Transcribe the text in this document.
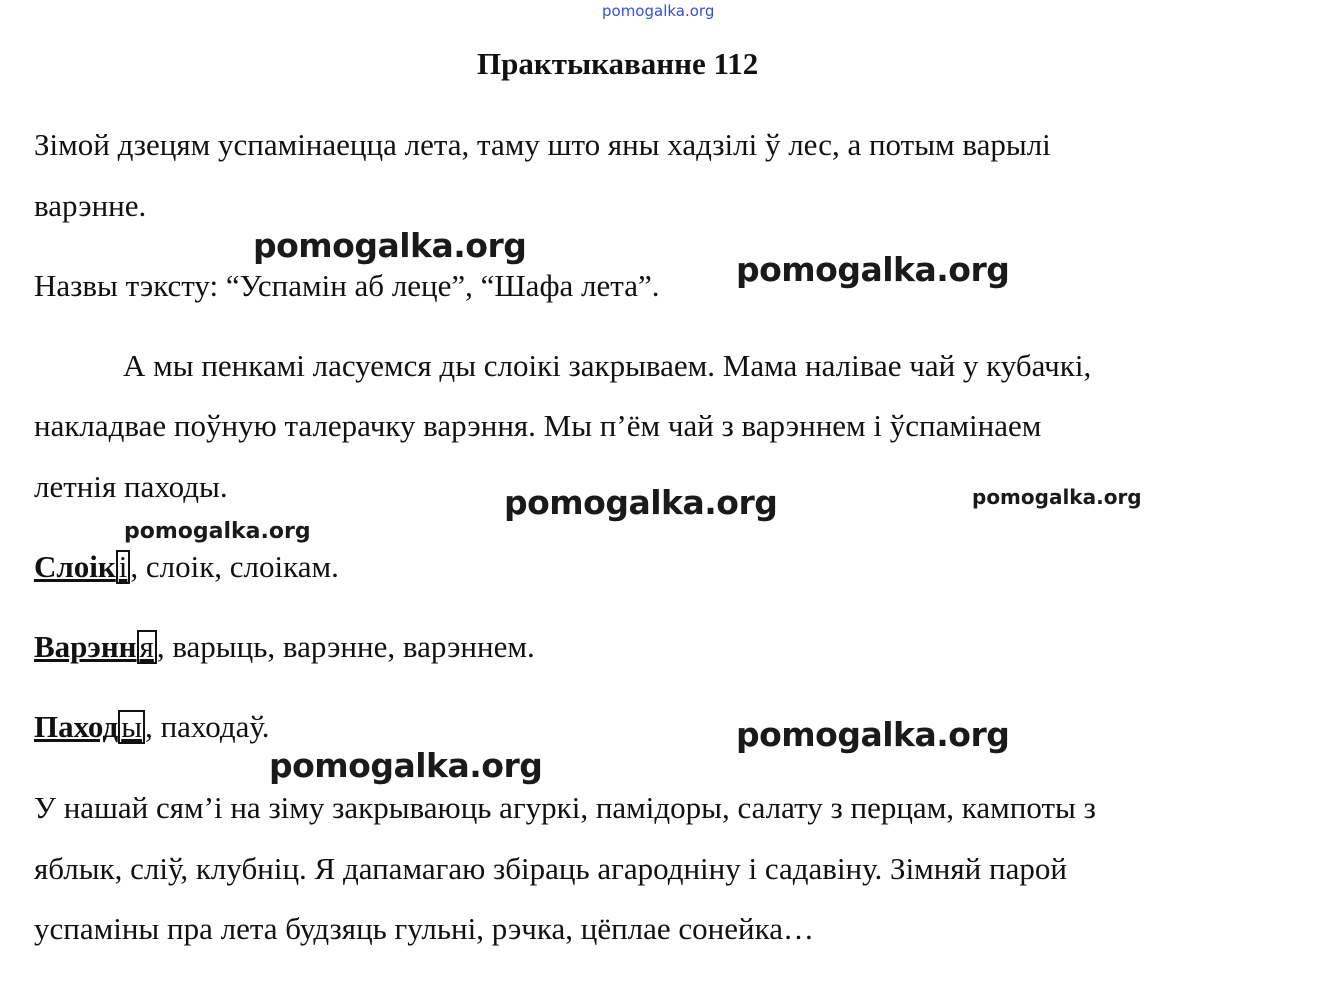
pomogalka.org
Практыкаванне 112
Зімой дзецям успамінаецца лета, таму што яны хадзілі ў лес, а потым варылі
варэнне.
Назвы тэксту: “Успамін аб леце”, “Шафа лета”.
А мы пенкамі ласуемся ды слоікі закрываем. Мама налівае чай у кубачкі,
накладвае поўную талерачку варэння. Мы п’ём чай з варэннем і ўспамінаем
летнія паходы.
Слоікі, слоік, слоікам.
Варэння, варыць, варэнне, варэннем.
Паходы, паходаў.
У нашай сям’і на зіму закрываюць агуркі, памідоры, салату з перцам, кампоты з
яблык, сліў, клубніц. Я дапамагаю збіраць агародніну і садавіну. Зімняй парой
успаміны пра лета будзяць гульні, рэчка, цёплае сонейка…
pomogalka.org
pomogalka.org
pomogalka.org	pomogalka.org
pomogalka.org
pomogalka.org
pomogalka.org
